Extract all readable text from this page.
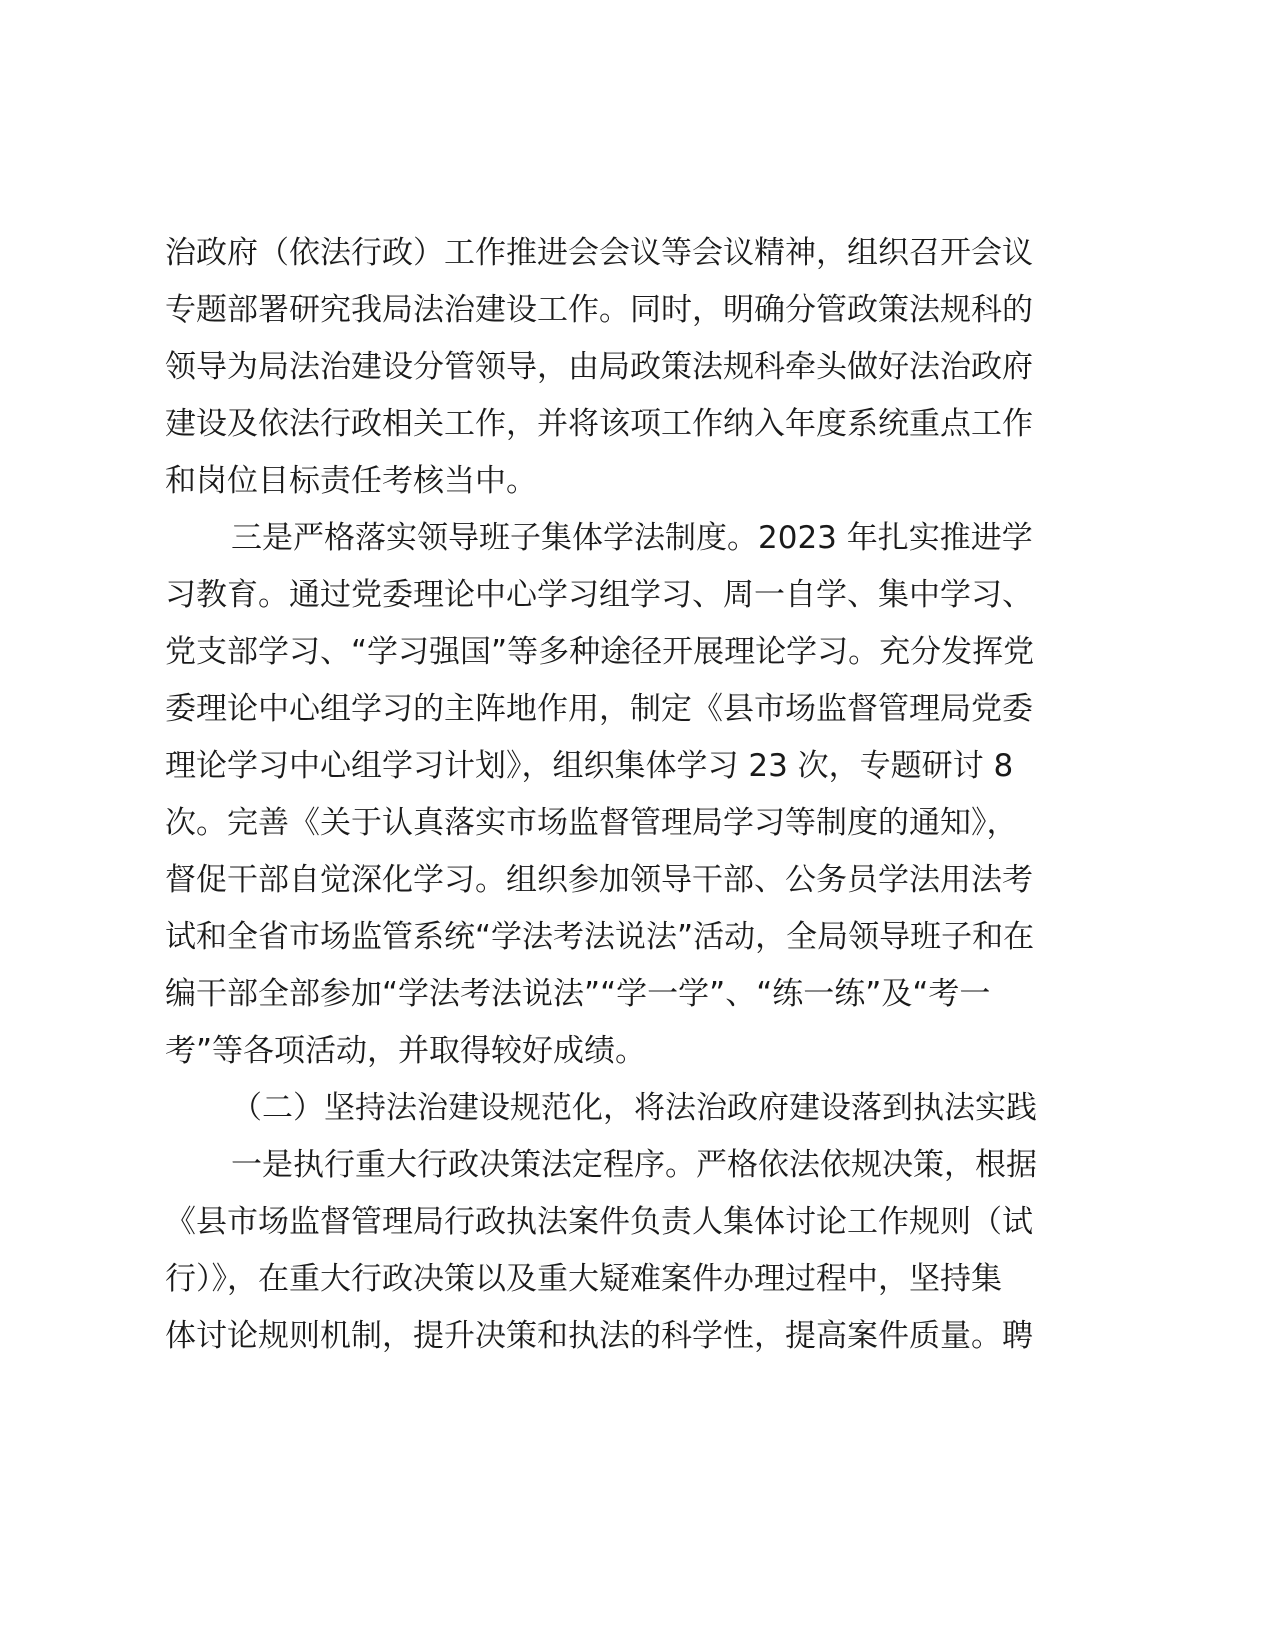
治政府（依法行政）工作推进会会议等会议精神，组织召开会议
专题部署研究我局法治建设工作。同时，明确分管政策法规科的
领导为局法治建设分管领导，由局政策法规科牵头做好法治政府
建设及依法行政相关工作，并将该项工作纳入年度系统重点工作
和岗位目标责任考核当中。
三是严格落实领导班子集体学法制度。2023 年扎实推进学
习教育。通过党委理论中心学习组学习、周一自学、集中学习、
党支部学习、“学习强国”等多种途径开展理论学习。充分发挥党
委理论中心组学习的主阵地作用，制定《县市场监督管理局党委
理论学习中心组学习计划》，组织集体学习 23 次，专题研讨 8
次。完善《关于认真落实市场监督管理局学习等制度的通知》，
督促干部自觉深化学习。组织参加领导干部、公务员学法用法考
试和全省市场监管系统“学法考法说法”活动，全局领导班子和在
编干部全部参加“学法考法说法”“学一学”、“练一练”及“考一
考”等各项活动，并取得较好成绩。
（二）坚持法治建设规范化，将法治政府建设落到执法实践
一是执行重大行政决策法定程序。严格依法依规决策，根据
《县市场监督管理局行政执法案件负责人集体讨论工作规则（试
行）》，在重大行政决策以及重大疑难案件办理过程中，坚持集
体讨论规则机制，提升决策和执法的科学性，提高案件质量。聘
